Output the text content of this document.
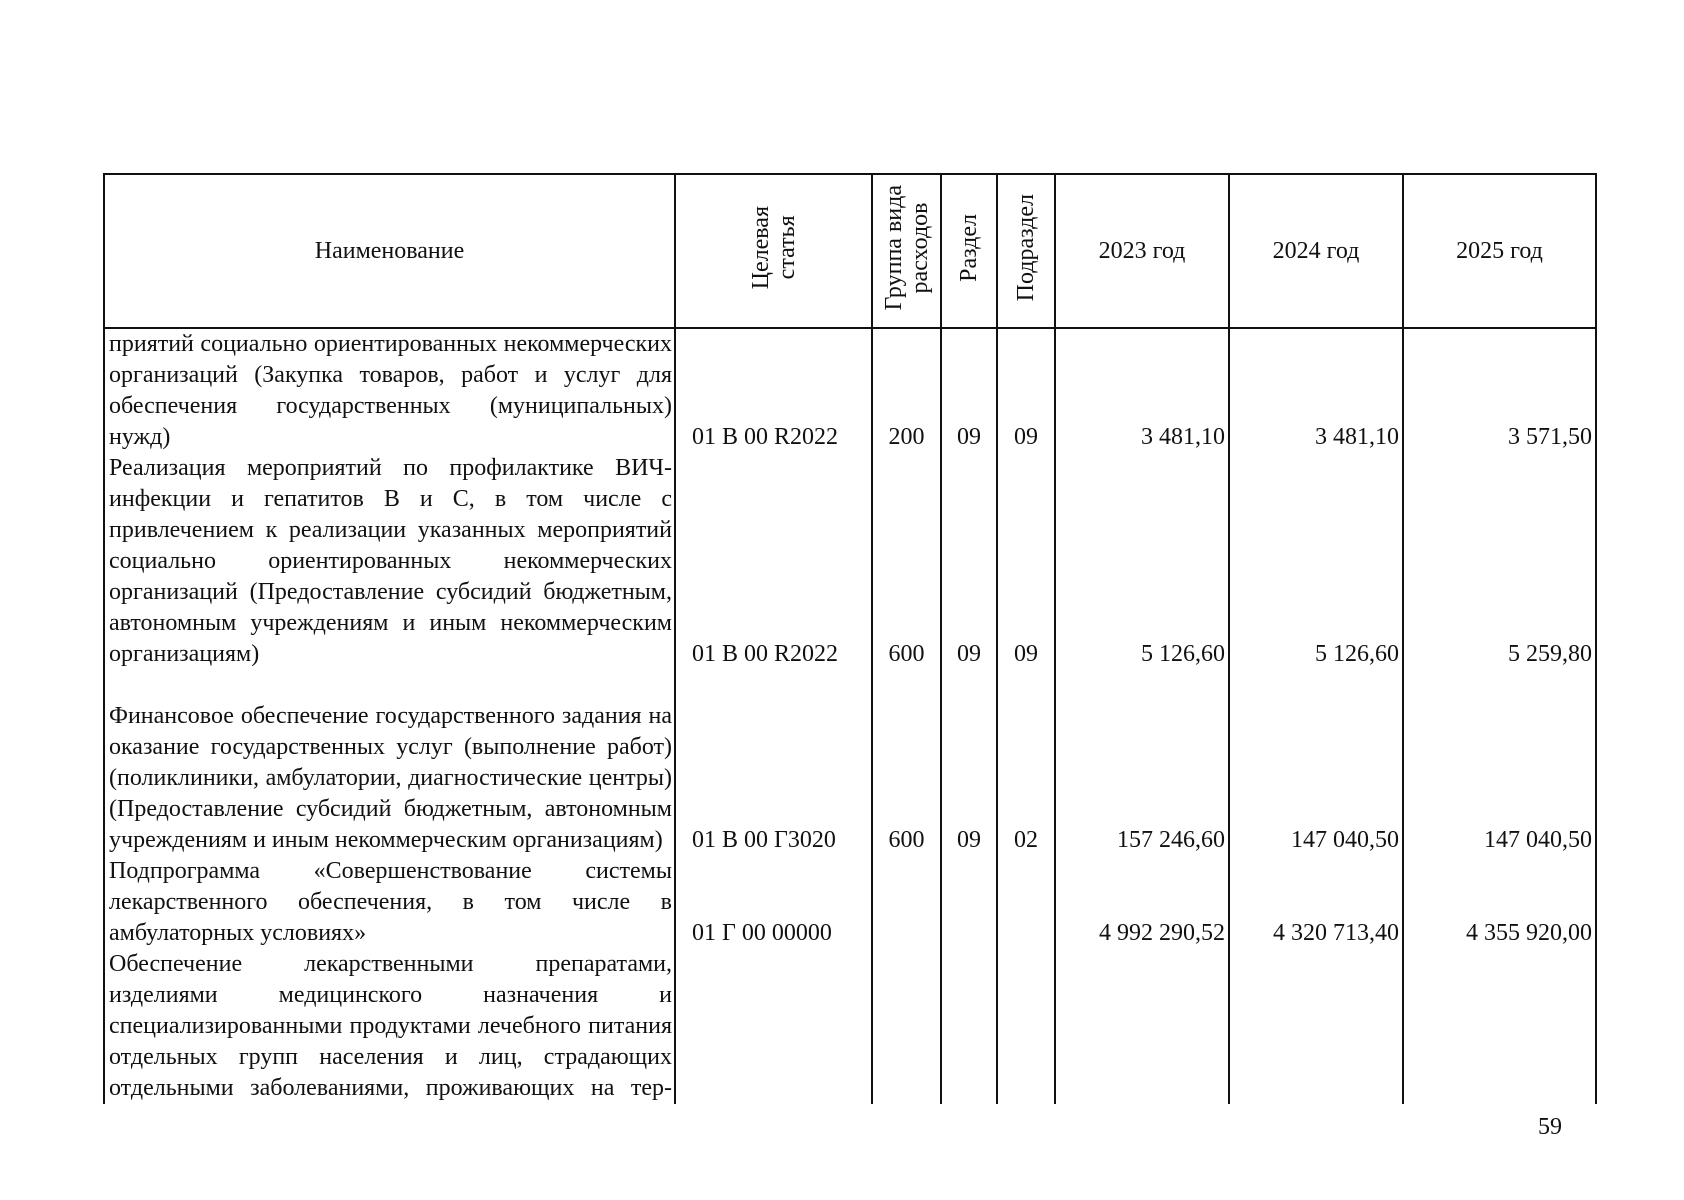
Наименование	Целевая статья	Группа вида расходов	Раздел	Подраздел	2023 год	2024 год	2025 год
приятий социально ориентированных некоммерческих организаций (Закупка товаров, работ и услуг для обеспечения государственных (муниципальных) нужд)	01 В 00 R2022	200	09	09	3 481,10	3 481,10	3 571,50
Реализация мероприятий по профилактике ВИЧ-инфекции и гепатитов В и С, в том числе с привлечением к реализации указанных мероприятий социально ориентированных некоммерческих организаций (Предоставление субсидий бюджетным, автономным учреждениям и иным некоммерческим организациям)	01 В 00 R2022	600	09	09	5 126,60	5 126,60	5 259,80
Финансовое обеспечение государственного задания на оказание государственных услуг (выполнение работ) (поликлиники, амбулатории, диагностические центры) (Предоставление субсидий бюджетным, автономным учреждениям и иным некоммерческим организациям)	01 В 00 Г3020	600	09	02	157 246,60	147 040,50	147 040,50
Подпрограмма «Совершенствование системы лекарственного обеспечения, в том числе в амбулаторных условиях»	01 Г 00 00000				4 992 290,52	4 320 713,40	4 355 920,00
Обеспечение лекарственными препаратами, изделиями медицинского назначения и специализированными продуктами лечебного питания отдельных групп населения и лиц, страдающих отдельными заболеваниями, проживающих на тер-							
59
